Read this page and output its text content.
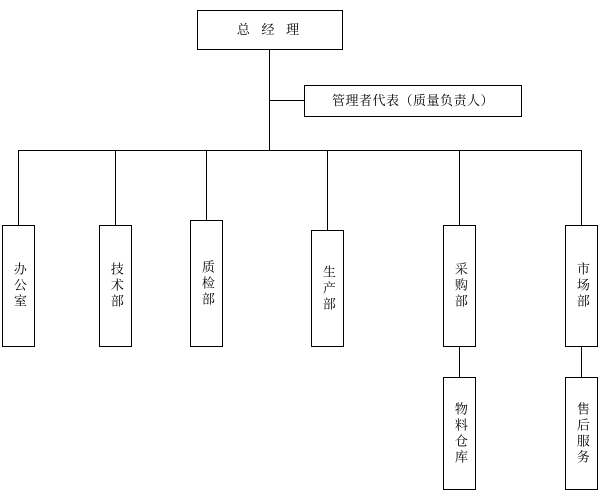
总 经 理
管理者代表（质量负责人）
办公室	技术部	质检部	生产部	采购部	市场部
物料仓库	售后服务
